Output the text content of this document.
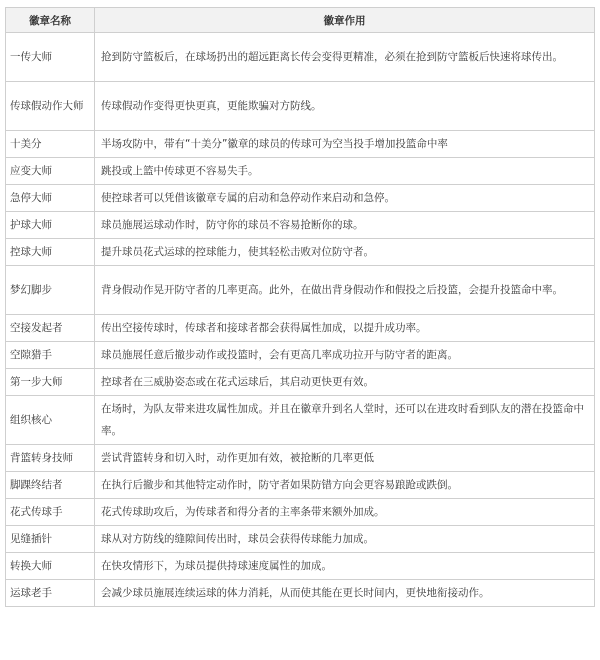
徽章名称	徽章作用
一传大师	抢到防守篮板后，在球场扔出的超远距离长传会变得更精准，必须在抢到防守篮板后快速将球传出。
传球假动作大师	传球假动作变得更快更真，更能欺骗对方防线。
十美分	半场攻防中，带有“十美分”徽章的球员的传球可为空当投手增加投篮命中率
应变大师	跳投或上篮中传球更不容易失手。
急停大师	使控球者可以凭借该徽章专属的启动和急停动作来启动和急停。
护球大师	球员施展运球动作时，防守你的球员不容易抢断你的球。
控球大师	提升球员花式运球的控球能力，使其轻松击败对位防守者。
梦幻脚步	背身假动作晃开防守者的几率更高。此外，在做出背身假动作和假投之后投篮，会提升投篮命中率。
空接发起者	传出空接传球时，传球者和接球者都会获得属性加成，以提升成功率。
空隙猎手	球员施展任意后撤步动作或投篮时，会有更高几率成功拉开与防守者的距离。
第一步大师	控球者在三威胁姿态或在花式运球后，其启动更快更有效。
组织核心	在场时，为队友带来进攻属性加成。并且在徽章升到名人堂时，还可以在进攻时看到队友的潜在投篮命中率。
背篮转身技师	尝试背篮转身和切入时，动作更加有效，被抢断的几率更低
脚踝终结者	在执行后撤步和其他特定动作时，防守者如果防错方向会更容易踉跄或跌倒。
花式传球手	花式传球助攻后，为传球者和得分者的主率条带来额外加成。
见缝插针	球从对方防线的缝隙间传出时，球员会获得传球能力加成。
转换大师	在快攻情形下，为球员提供持球速度属性的加成。
运球老手	会减少球员施展连续运球的体力消耗，从而使其能在更长时间内，更快地衔接动作。
